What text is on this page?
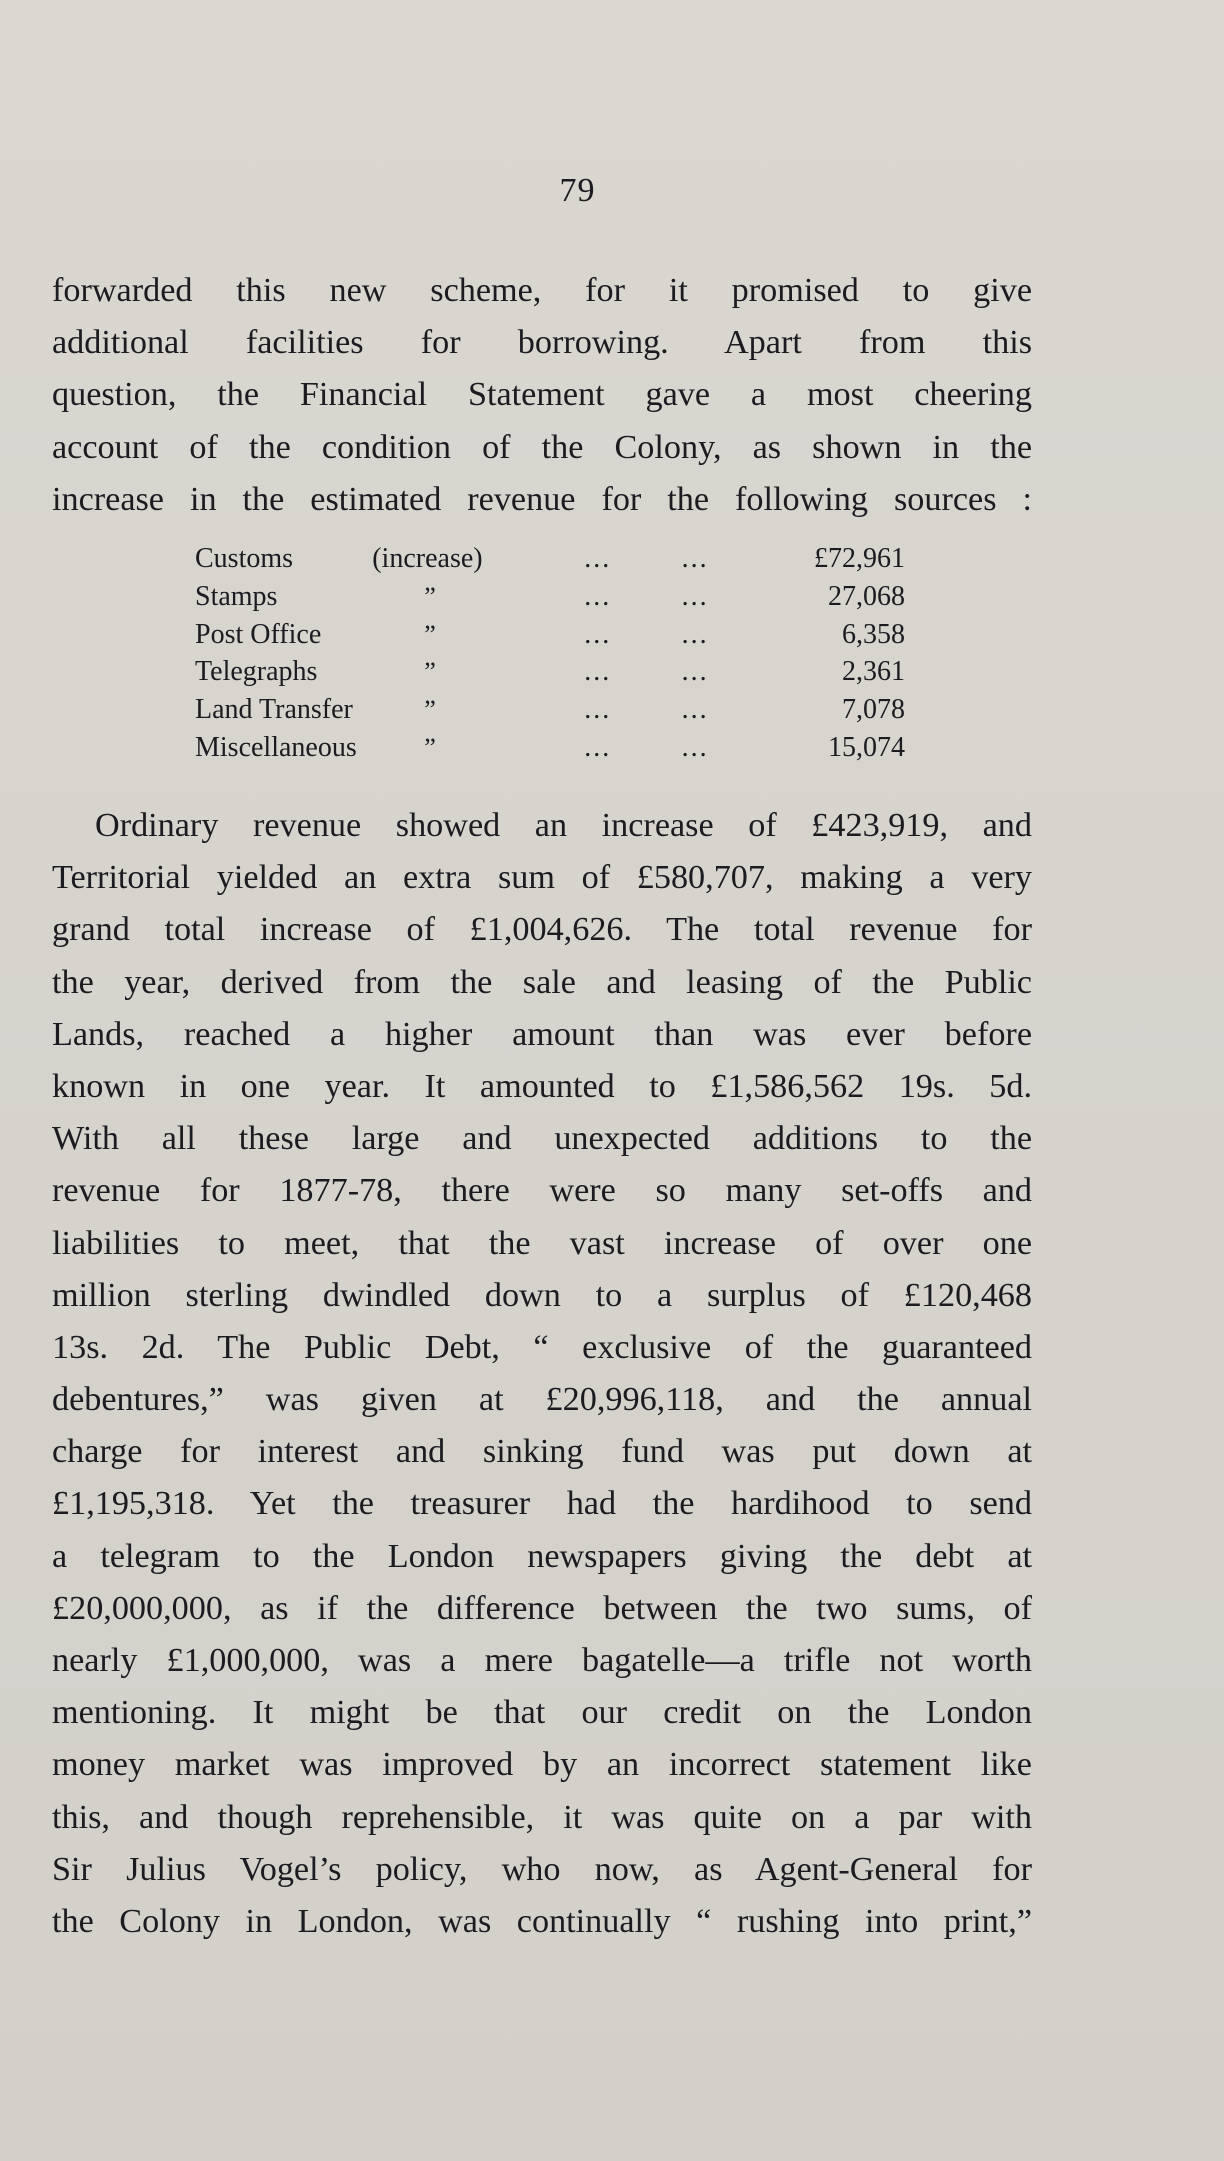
79
forwarded this new scheme, for it promised to give
additional facilities for borrowing. Apart from this
question, the Financial Statement gave a most cheering
account of the condition of the Colony, as shown in the
increase in the estimated revenue for the following sources :
Customs	(increase)	...	...	£72,961
Stamps	”	...	...	27,068
Post Office	”	...	...	6,358
Telegraphs	”	...	...	2,361
Land Transfer	”	...	...	7,078
Miscellaneous	”	...	...	15,074
Ordinary revenue showed an increase of £423,919, and
Territorial yielded an extra sum of £580,707, making a very
grand total increase of £1,004,626. The total revenue for
the year, derived from the sale and leasing of the Public
Lands, reached a higher amount than was ever before
known in one year. It amounted to £1,586,562 19s. 5d.
With all these large and unexpected additions to the
revenue for 1877-78, there were so many set-offs and
liabilities to meet, that the vast increase of over one
million sterling dwindled down to a surplus of £120,468
13s. 2d. The Public Debt, “ exclusive of the guaranteed
debentures,” was given at £20,996,118, and the annual
charge for interest and sinking fund was put down at
£1,195,318. Yet the treasurer had the hardihood to send
a telegram to the London newspapers giving the debt at
£20,000,000, as if the difference between the two sums, of
nearly £1,000,000, was a mere bagatelle—a trifle not worth
mentioning. It might be that our credit on the London
money market was improved by an incorrect statement like
this, and though reprehensible, it was quite on a par with
Sir Julius Vogel’s policy, who now, as Agent-General for
the Colony in London, was continually “ rushing into print,”
